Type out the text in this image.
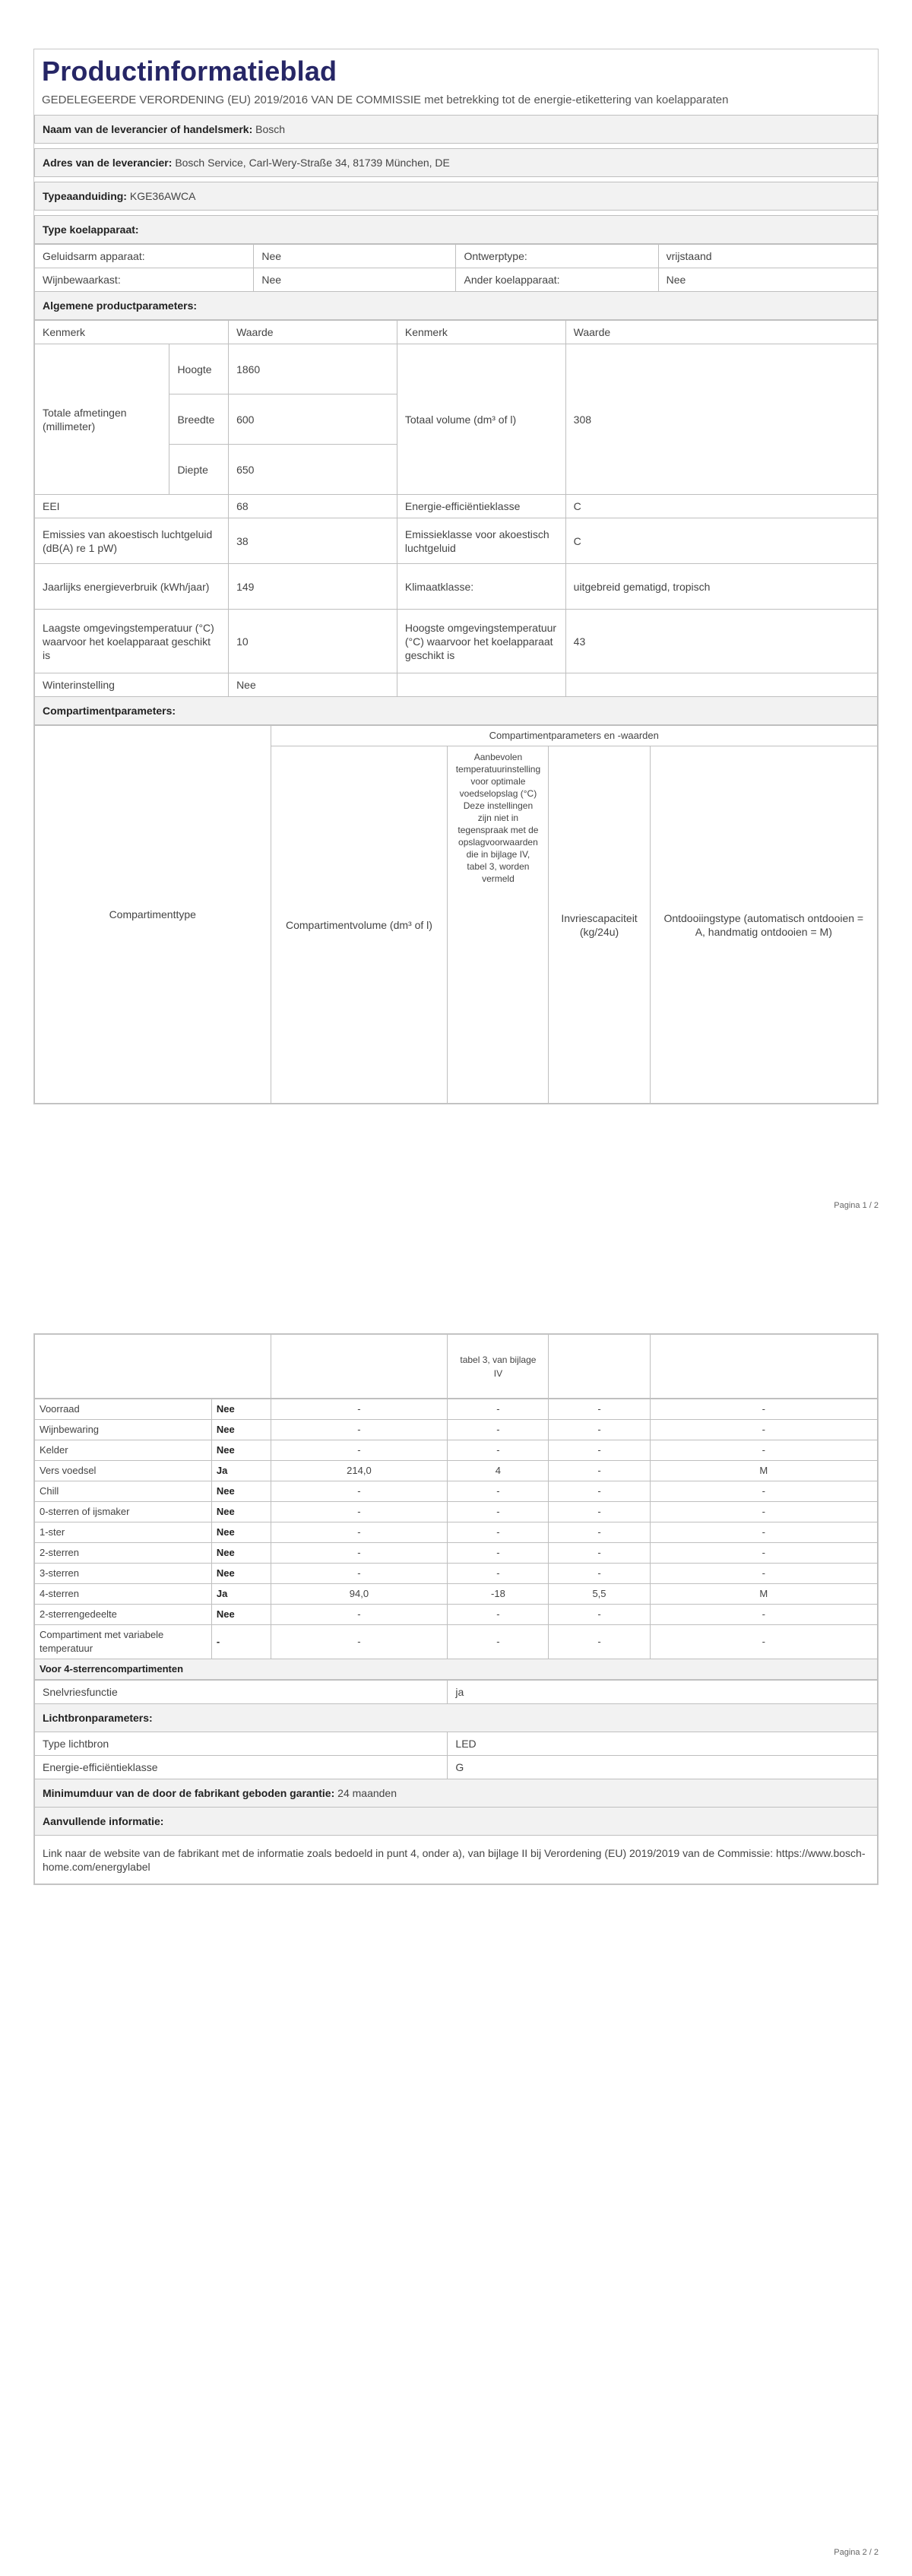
Productinformatieblad
GEDELEGEERDE VERORDENING (EU) 2019/2016 VAN DE COMMISSIE met betrekking tot de energie-etikettering van koelapparaten
Naam van de leverancier of handelsmerk: Bosch

Adres van de leverancier: Bosch Service, Carl-Wery-Straße 34, 81739 München, DE

Typeaanduiding: KGE36AWCA

Type koelapparaat:
Geluidsarm apparaat:	Nee	Ontwerptype:	vrijstaand
Wijnbewaarkast:	Nee	Ander koelapparaat:	Nee
Algemene productparameters:			
Kenmerk		Waarde	Kenmerk	Waarde
Totale afmetingen (millimeter)	Hoogte	1860	Totaal volume (dm³ of l)	308
	Breedte	600		
	Diepte	650		
EEI		68	Energie-efficiëntieklasse	C
Emissies van akoestisch luchtgeluid (dB(A) re 1 pW)		38	Emissieklasse voor akoestisch luchtgeluid	C
Jaarlijks energieverbruik (kWh/jaar)		149	Klimaatklasse:	uitgebreid gematigd, tropisch
Laagste omgevingstemperatuur (°C) waarvoor het koelapparaat geschikt is		10	Hoogste omgevingstemperatuur (°C) waarvoor het koelapparaat geschikt is	43
Winterinstelling		Nee		
Compartimentparameters:				
Compartimenttype	Compartimentparameters en -waarden			
	Compartimentvolume (dm³ of l)	Aanbevolen temperatuurinstelling voor optimale voedselopslag (°C) Deze instellingen zijn niet in tegenspraak met de opslagvoorwaarden die in bijlage IV, tabel 3, worden vermeld	Invriescapaciteit (kg/24u)	Ontdooiingstype (automatisch ontdooien = A, handmatig ontdooien = M)
Pagina 1 / 2
		tabel 3, van bijlage IV		
Voorraad	Nee	-	-	-	-
Wijnbewaring	Nee	-	-	-	-
Kelder	Nee	-	-	-	-
Vers voedsel	Ja	214,0	4	-	M
Chill	Nee	-	-	-	-
0-sterren of ijsmaker	Nee	-	-	-	-
1-ster	Nee	-	-	-	-
2-sterren	Nee	-	-	-	-
3-sterren	Nee	-	-	-	-
4-sterren	Ja	94,0	-18	5,5	M
2-sterrengedeelte	Nee	-	-	-	-
Compartiment met variabele temperatuur	-	-	-	-	-
Voor 4-sterrencompartimenten					
Snelvriesfunctie	ja
Lichtbronparameters:	
Type lichtbron	LED
Energie-efficiëntieklasse	G
Minimumduur van de door de fabrikant geboden garantie: 24 maanden	
Aanvullende informatie:	
Link naar de website van de fabrikant met de informatie zoals bedoeld in punt 4, onder a), van bijlage II bij Verordening (EU) 2019/2019 van de Commissie: https://www.bosch-home.com/energylabel	
Pagina 2 / 2
